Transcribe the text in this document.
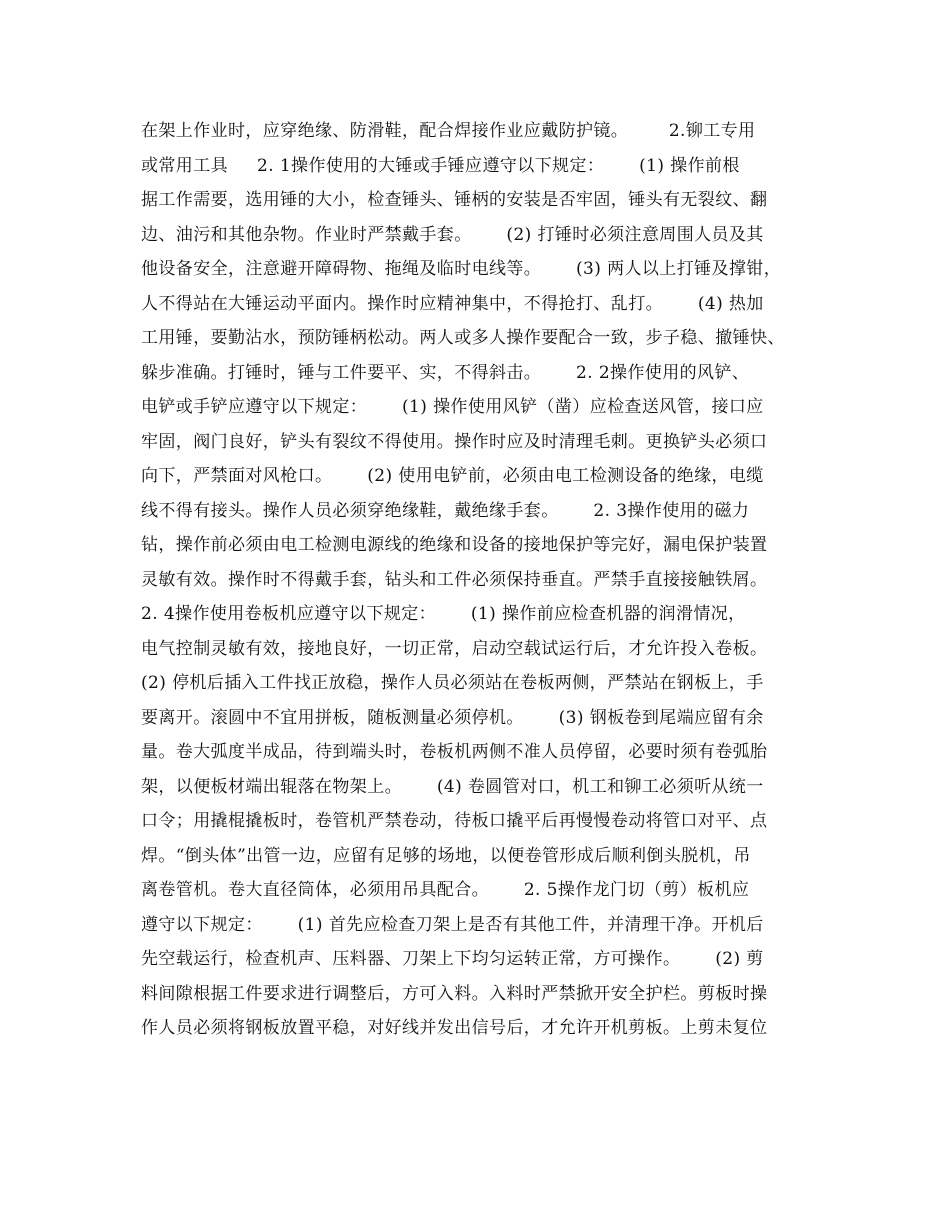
在架上作业时，应穿绝缘、防滑鞋，配合焊接作业应戴防护镜。       2.铆工专用
或常用工具     2. 1操作使用的大锤或手锤应遵守以下规定：      (1) 操作前根
据工作需要，选用锤的大小，检查锤头、锤柄的安装是否牢固，锤头有无裂纹、翻
边、油污和其他杂物。作业时严禁戴手套。      (2) 打锤时必须注意周围人员及其
他设备安全，注意避开障碍物、拖绳及临时电线等。      (3) 两人以上打锤及撑钳，
人不得站在大锤运动平面内。操作时应精神集中，不得抢打、乱打。      (4) 热加
工用锤，要勤沾水，预防锤柄松动。两人或多人操作要配合一致，步子稳、撤锤快、
躲步准确。打锤时，锤与工件要平、实，不得斜击。      2. 2操作使用的风铲、
电铲或手铲应遵守以下规定：      (1) 操作使用风铲（凿）应检查送风管，接口应
牢固，阀门良好，铲头有裂纹不得使用。操作时应及时清理毛刺。更换铲头必须口
向下，严禁面对风枪口。      (2) 使用电铲前，必须由电工检测设备的绝缘，电缆
线不得有接头。操作人员必须穿绝缘鞋，戴绝缘手套。      2. 3操作使用的磁力
钻，操作前必须由电工检测电源线的绝缘和设备的接地保护等完好，漏电保护装置
灵敏有效。操作时不得戴手套，钻头和工件必须保持垂直。严禁手直接接触铁屑。
2. 4操作使用卷板机应遵守以下规定：      (1) 操作前应检查机器的润滑情况，
电气控制灵敏有效，接地良好，一切正常，启动空载试运行后，才允许投入卷板。
(2) 停机后插入工件找正放稳，操作人员必须站在卷板两侧，严禁站在钢板上，手
要离开。滚圆中不宜用拼板，随板测量必须停机。      (3) 钢板卷到尾端应留有余
量。卷大弧度半成品，待到端头时，卷板机两侧不准人员停留，必要时须有卷弧胎
架，以便板材端出辊落在物架上。      (4) 卷圆管对口，机工和铆工必须听从统一
口令；用撬棍撬板时，卷管机严禁卷动，待板口撬平后再慢慢卷动将管口对平、点
焊。“倒头体”出管一边，应留有足够的场地，以便卷管形成后顺利倒头脱机，吊
离卷管机。卷大直径筒体，必须用吊具配合。      2. 5操作龙门切（剪）板机应
遵守以下规定：      (1) 首先应检查刀架上是否有其他工件，并清理干净。开机后
先空载运行，检查机声、压料器、刀架上下均匀运转正常，方可操作。      (2) 剪
料间隙根据工件要求进行调整后，方可入料。入料时严禁掀开安全护栏。剪板时操
作人员必须将钢板放置平稳，对好线并发出信号后，才允许开机剪板。上剪未复位
